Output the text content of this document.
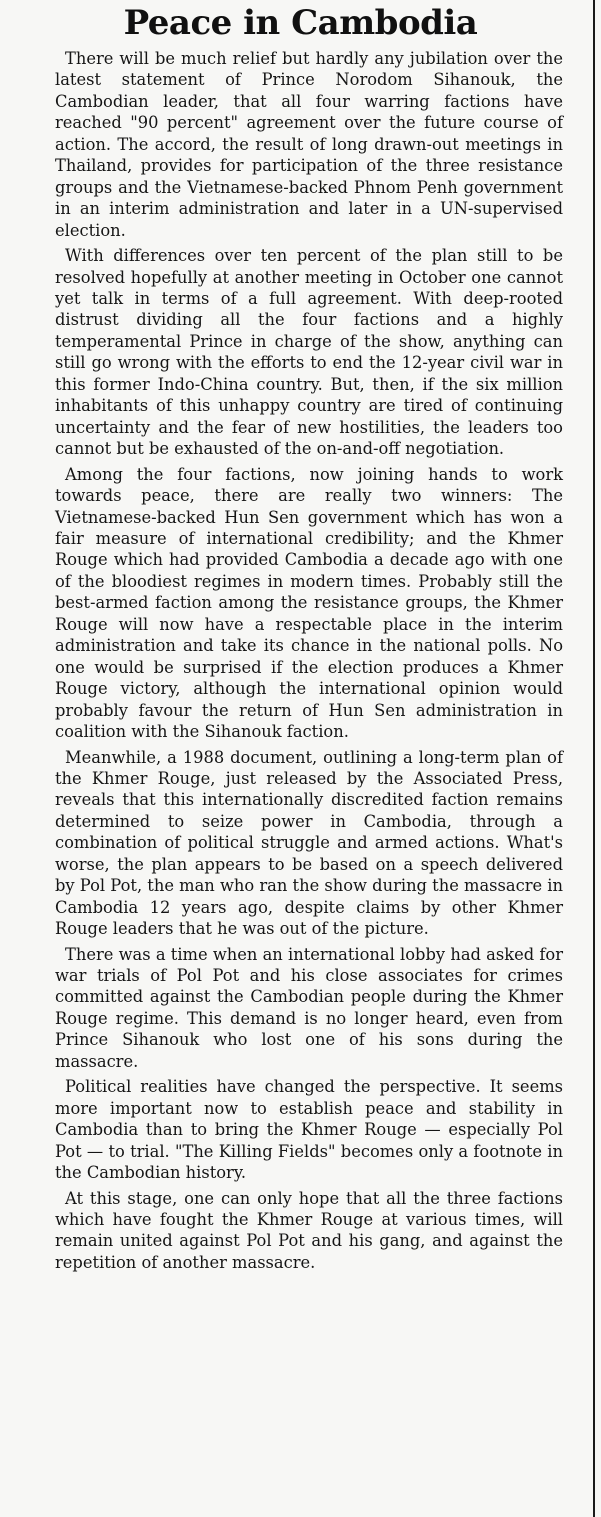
Peace in Cambodia

There will be much relief but hardly any jubilation over the latest statement of Prince Norodom Sihanouk, the Cambodian leader, that all four warring factions have reached "90 percent" agreement over the future course of action. The accord, the result of long drawn-out meetings in Thailand, provides for participation of the three resistance groups and the Vietnamese-backed Phnom Penh government in an interim administration and later in a UN-supervised election.

With differences over ten percent of the plan still to be resolved hopefully at another meeting in October one cannot yet talk in terms of a full agreement. With deep-rooted distrust dividing all the four factions and a highly temperamental Prince in charge of the show, anything can still go wrong with the efforts to end the 12-year civil war in this former Indo-China country. But, then, if the six million inhabitants of this unhappy country are tired of continuing uncertainty and the fear of new hostilities, the leaders too cannot but be exhausted of the on-and-off negotiation.

Among the four factions, now joining hands to work towards peace, there are really two winners: The Vietnamese-backed Hun Sen government which has won a fair measure of international credibility; and the Khmer Rouge which had provided Cambodia a decade ago with one of the bloodiest regimes in modern times. Probably still the best-armed faction among the resistance groups, the Khmer Rouge will now have a respectable place in the interim administration and take its chance in the national polls. No one would be surprised if the election produces a Khmer Rouge victory, although the international opinion would probably favour the return of Hun Sen administration in coalition with the Sihanouk faction.

Meanwhile, a 1988 document, outlining a long-term plan of the Khmer Rouge, just released by the Associated Press, reveals that this internationally discredited faction remains determined to seize power in Cambodia, through a combination of political struggle and armed actions. What's worse, the plan appears to be based on a speech delivered by Pol Pot, the man who ran the show during the massacre in Cambodia 12 years ago, despite claims by other Khmer Rouge leaders that he was out of the picture.

There was a time when an international lobby had asked for war trials of Pol Pot and his close associates for crimes committed against the Cambodian people during the Khmer Rouge regime. This demand is no longer heard, even from Prince Sihanouk who lost one of his sons during the massacre.

Political realities have changed the perspective. It seems more important now to establish peace and stability in Cambodia than to bring the Khmer Rouge — especially Pol Pot — to trial. "The Killing Fields" becomes only a footnote in the Cambodian history.

At this stage, one can only hope that all the three factions which have fought the Khmer Rouge at various times, will remain united against Pol Pot and his gang, and against the repetition of another massacre.
